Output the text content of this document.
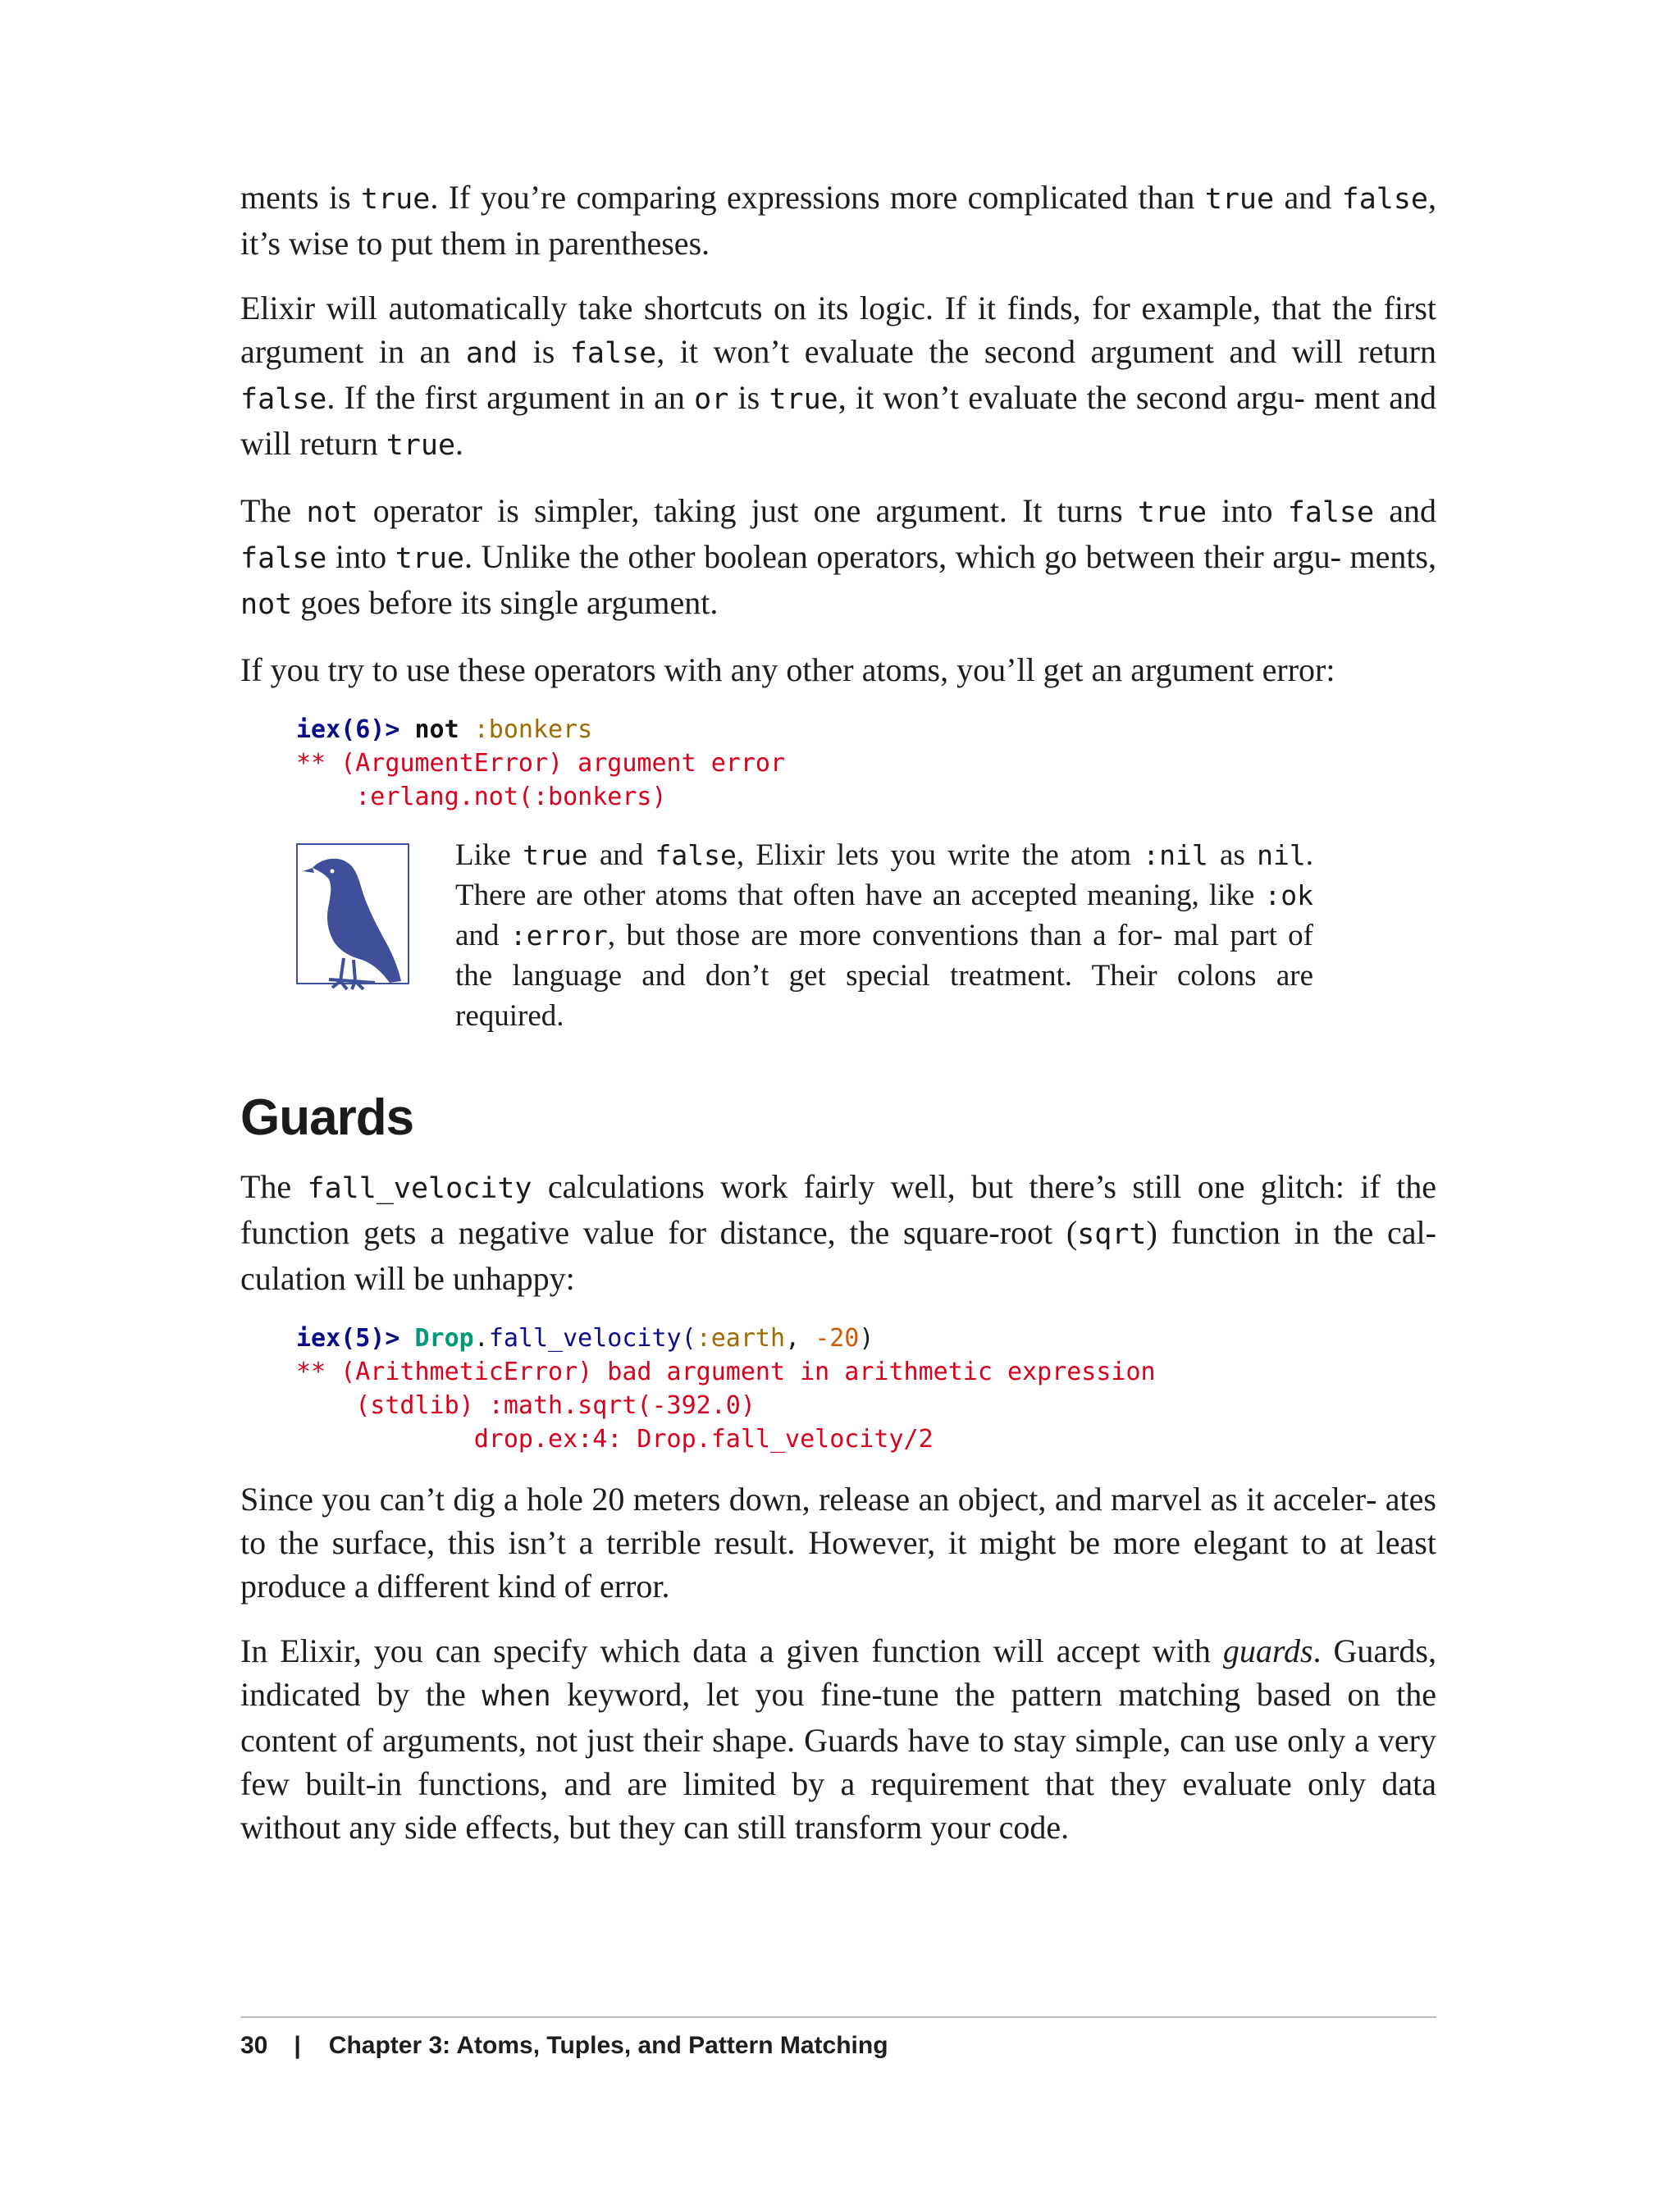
ments is true. If you’re comparing expressions more complicated than true and false, it’s wise to put them in parentheses.

Elixir will automatically take shortcuts on its logic. If it finds, for example, that the first argument in an and is false, it won’t evaluate the second argument and will return false. If the first argument in an or is true, it won’t evaluate the second argu‐ ment and will return true.

The not operator is simpler, taking just one argument. It turns true into false and false into true. Unlike the other boolean operators, which go between their argu‐ ments, not goes before its single argument.

If you try to use these operators with any other atoms, you’ll get an argument error:

iex(6)> not :bonkers
** (ArgumentError) argument error
:erlang.not(:bonkers)

Like true and false, Elixir lets you write the atom :nil as nil. There are other atoms that often have an accepted meaning, like :ok and :error, but those are more conventions than a for‐ mal part of the language and don’t get special treatment. Their colons are required.

Guards

The fall_velocity calculations work fairly well, but there’s still one glitch: if the function gets a negative value for distance, the square-root (sqrt) function in the cal‐ culation will be unhappy:

iex(5)> Drop.fall_velocity(:earth, -20)
** (ArithmeticError) bad argument in arithmetic expression
(stdlib) :math.sqrt(-392.0)
drop.ex:4: Drop.fall_velocity/2

Since you can’t dig a hole 20 meters down, release an object, and marvel as it acceler‐ ates to the surface, this isn’t a terrible result. However, it might be more elegant to at least produce a different kind of error.

In Elixir, you can specify which data a given function will accept with guards. Guards, indicated by the when keyword, let you fine-tune the pattern matching based on the content of arguments, not just their shape. Guards have to stay simple, can use only a very few built-in functions, and are limited by a requirement that they evaluate only data without any side effects, but they can still transform your code.

30 | Chapter 3: Atoms, Tuples, and Pattern Matching
